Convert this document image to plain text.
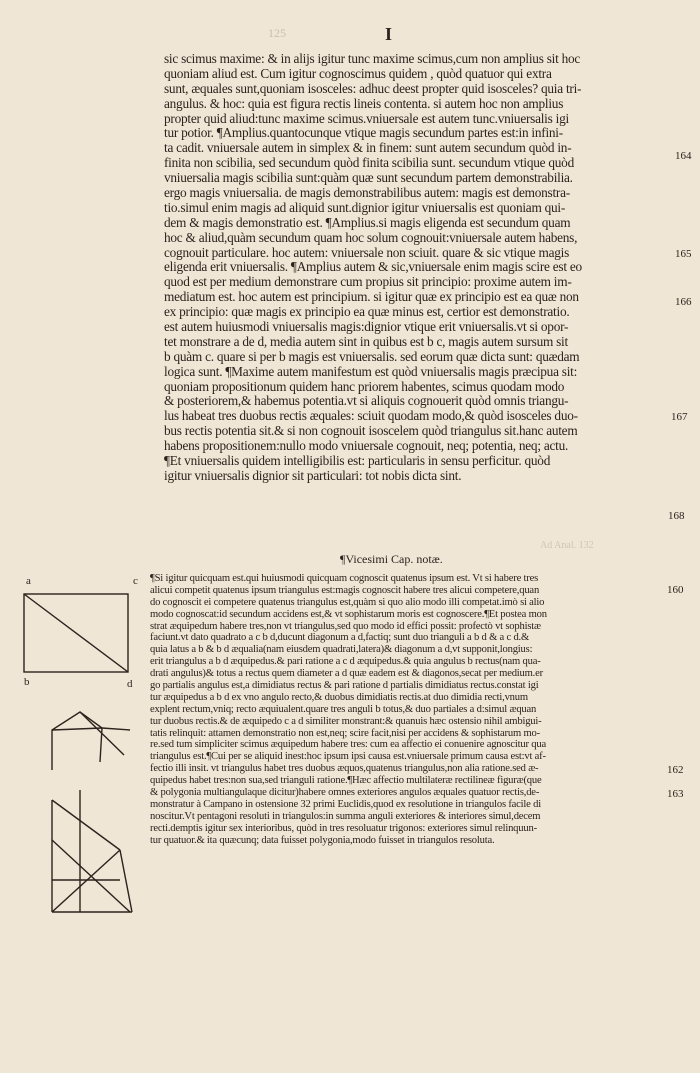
I
125
sic scimus maxime: & in alijs igitur tunc maxime scimus,cum non amplius sit hoc
quoniam aliud est. Cum igitur cognoscimus quidem , quòd quatuor qui extra
sunt, æquales sunt,quoniam isosceles: adhuc deest propter quid isosceles? quia tri-
angulus. & hoc: quia est figura rectis lineis contenta. si autem hoc non amplius
propter quid aliud:tunc maxime scimus.vniuersale est autem tunc.vniuersalis igi
tur potior. ¶Amplius.quantocunque vtique magis secundum partes est:in infini-
ta cadit. vniuersale autem in simplex & in finem: sunt autem secundum quòd in-
finita non scibilia, sed secundum quòd finita scibilia sunt. secundum vtique quòd
vniuersalia magis scibilia sunt:quàm quæ sunt secundum partem demonstrabilia.
ergo magis vniuersalia. de magis demonstrabilibus autem: magis est demonstra-
tio.simul enim magis ad aliquid sunt.dignior igitur vniuersalis est quoniam qui-
dem & magis demonstratio est. ¶Amplius.si magis eligenda est secundum quam
hoc & aliud,quàm secundum quam hoc solum cognouit:vniuersale autem habens,
cognouit particulare. hoc autem: vniuersale non sciuit. quare & sic vtique magis
eligenda erit vniuersalis. ¶Amplius autem & sic,vniuersale enim magis scire est eo
quod est per medium demonstrare cum propius sit principio: proxime autem im-
mediatum est. hoc autem est principium. si igitur quæ ex principio est ea quæ non
ex principio: quæ magis ex principio ea quæ minus est, certior est demonstratio.
est autem huiusmodi vniuersalis magis:dignior vtique erit vniuersalis.vt si opor-
tet monstrare a de d, media autem sint in quibus est b c, magis autem sursum sit
b quàm c. quare si per b magis est vniuersalis. sed eorum quæ dicta sunt: quædam
logica sunt. ¶Maxime autem manifestum est quòd vniuersalis magis præcipua sit:
quoniam propositionum quidem hanc priorem habentes, scimus quodam modo
& posteriorem,& habemus potentia.vt si aliquis cognouerit quòd omnis triangu-
lus habeat tres duobus rectis æquales: sciuit quodam modo,& quòd isosceles duo-
bus rectis potentia sit.& si non cognouit isoscelem quòd triangulus sit.hanc autem
habens propositionem:nullo modo vniuersale cognouit, neq; potentia, neq; actu.
¶Et vniuersalis quidem intelligibilis est: particularis in sensu perficitur. quòd
igitur vniuersalis dignior sit particulari: tot nobis dicta sint.
164
165
166
167
168
160
162
163
¶Vicesimi Cap. notæ.
Ad Anal. 132
¶Si igitur quicquam est.qui huiusmodi quicquam cognoscit quatenus ipsum est. Vt si habere tres
alicui competit quatenus ipsum triangulus est:magis cognoscit habere tres alicui competere,quan
do cognoscit ei competere quatenus triangulus est,quàm si quo alio modo illi competat.imò si alio
modo cognoscat:id secundum accidens est,& vt sophistarum moris est cognoscere.¶Et postea mon
strat æquipedum habere tres,non vt triangulus,sed quo modo id effici possit: profectò vt sophistæ
faciunt.vt dato quadrato a c b d,ducunt diagonum a d,factiq; sunt duo trianguli a b d & a c d.&
quia latus a b & b d æqualia(nam eiusdem quadrati,latera)& diagonum a d,vt supponit,longius:
erit triangulus a b d æquipedus.& pari ratione a c d æquipedus.& quia angulus b rectus(nam qua-
drati angulus)& totus a rectus quem diameter a d quæ eadem est & diagonos,secat per medium.er
go partialis angulus est,a dimidiatus rectus & pari ratione d partialis dimidiatus rectus.constat igi
tur æquipedus a b d ex vno angulo recto,& duobus dimidiatis rectis.at duo dimidia recti,vnum
explent rectum,vniq; recto æquiualent.quare tres anguli b totus,& duo partiales a d:simul æquan
tur duobus rectis.& de æquipedo c a d similiter monstrant:& quanuis hæc ostensio nihil ambigui-
tatis relinquit: attamen demonstratio non est,neq; scire facit,nisi per accidens & sophistarum mo-
re.sed tum simpliciter scimus æquipedum habere tres: cum ea affectio ei conuenire agnoscitur qua
triangulus est.¶Cui per se aliquid inest:hoc ipsum ipsi causa est.vniuersale primum causa est:vt af-
fectio illi insit. vt triangulus habet tres duobus æquos,quatenus triangulus,non alia ratione.sed æ-
quipedus habet tres:non sua,sed trianguli ratione.¶Hæc affectio multilateræ rectilineæ figuræ(que
& polygonia multiangulaque dicitur)habere omnes exteriores angulos æquales quatuor rectis,de-
monstratur à Campano in ostensione 32 primi Euclidis,quod ex resolutione in triangulos facile di
noscitur.Vt pentagoni resoluti in triangulos:in summa anguli exteriores & interiores simul,decem
recti.demptis igitur sex interioribus, quòd in tres resoluatur trigonos: exteriores simul relinquun-
tur quatuor.& ita quæcunq; data fuisset polygonia,modo fuisset in triangulos resoluta.
a	c
b	d
